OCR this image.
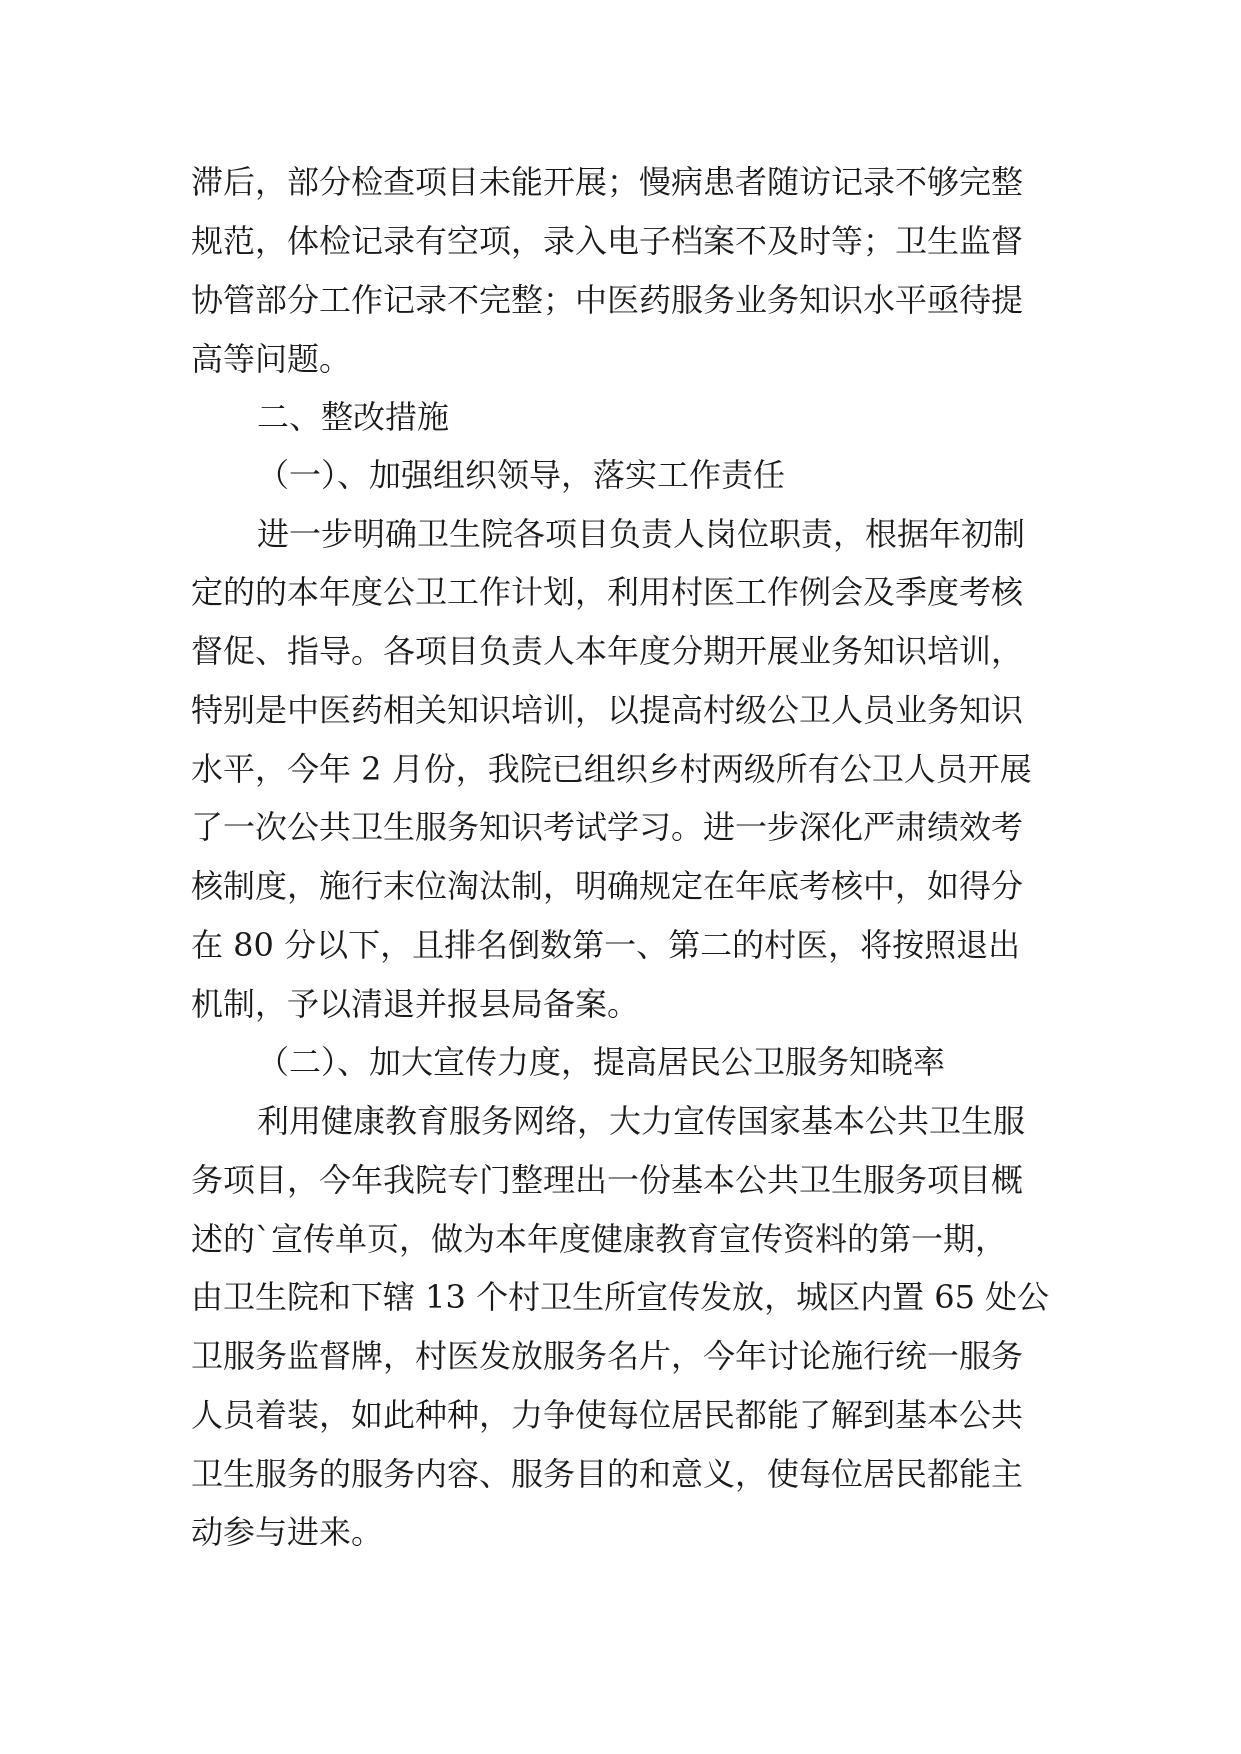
滞后，部分检查项目未能开展；慢病患者随访记录不够完整
规范，体检记录有空项，录入电子档案不及时等；卫生监督
协管部分工作记录不完整；中医药服务业务知识水平亟待提
高等问题。
二、整改措施
（一）、加强组织领导，落实工作责任
进一步明确卫生院各项目负责人岗位职责，根据年初制
定的的本年度公卫工作计划，利用村医工作例会及季度考核
督促、指导。各项目负责人本年度分期开展业务知识培训，
特别是中医药相关知识培训，以提高村级公卫人员业务知识
水平，今年 2 月份，我院已组织乡村两级所有公卫人员开展
了一次公共卫生服务知识考试学习。进一步深化严肃绩效考
核制度，施行末位淘汰制，明确规定在年底考核中，如得分
在 80 分以下，且排名倒数第一、第二的村医，将按照退出
机制，予以清退并报县局备案。
（二）、加大宣传力度，提高居民公卫服务知晓率
利用健康教育服务网络，大力宣传国家基本公共卫生服
务项目，今年我院专门整理出一份基本公共卫生服务项目概
述的`宣传单页，做为本年度健康教育宣传资料的第一期，
由卫生院和下辖 13 个村卫生所宣传发放，城区内置 65 处公
卫服务监督牌，村医发放服务名片，今年讨论施行统一服务
人员着装，如此种种，力争使每位居民都能了解到基本公共
卫生服务的服务内容、服务目的和意义，使每位居民都能主
动参与进来。
